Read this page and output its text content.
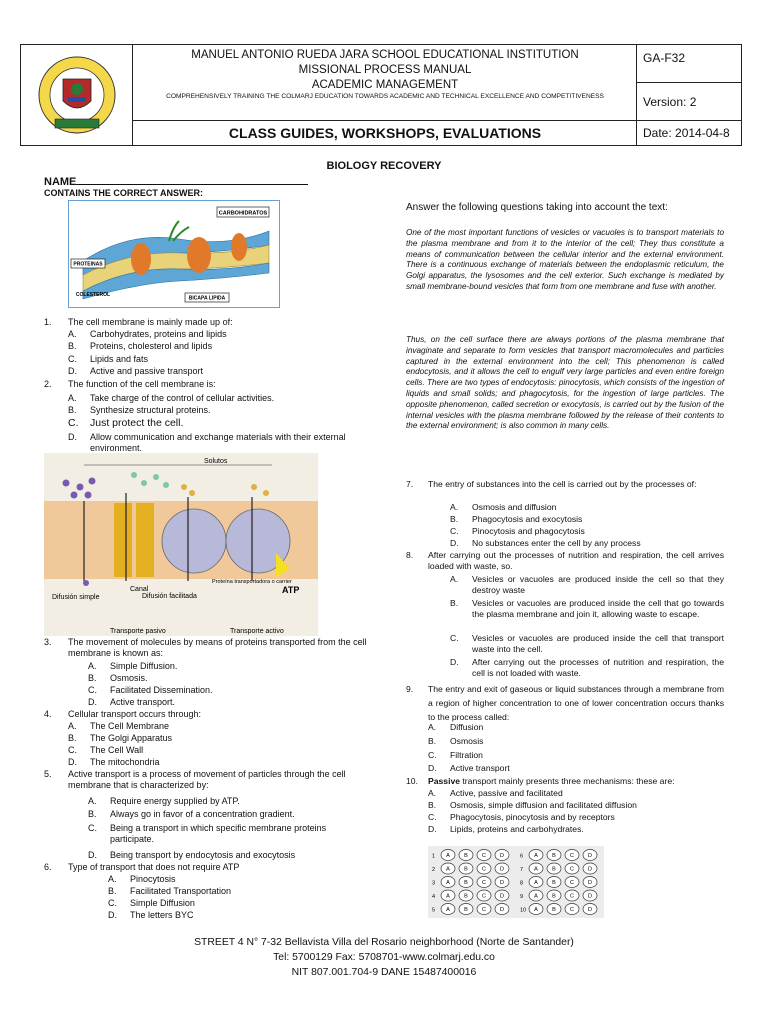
MANUEL ANTONIO RUEDA JARA SCHOOL EDUCATIONAL INSTITUTION
MISSIONAL PROCESS MANUAL
ACADEMIC MANAGEMENT
COMPREHENSIVELY TRAINING THE COLMARJ EDUCATION TOWARDS ACADEMIC AND TECHNICAL EXCELLENCE AND COMPETITIVENESS
CLASS GUIDES, WORKSHOPS, EVALUATIONS
GA-F32
Version: 2
Date: 2014-04-8
BIOLOGY RECOVERY
NAME
CONTAINS THE CORRECT ANSWER:
CARBOHIDRATOS
PROTEINAS
COLESTEROL
BICAPA LIPIDA
1. The cell membrane is mainly made up of:
A. Carbohydrates, proteins and lipids
B. Proteins, cholesterol and lipids
C. Lipids and fats
D. Active and passive transport
2. The function of the cell membrane is:
A. Take charge of the control of cellular activities.
B. Synthesize structural proteins.
C. Just protect the cell.
D. Allow communication and exchange materials with their external environment.
Solutos
Canal
Proteína transportadora o carrier
ATP
Difusión simple	Difusión facilitada
Transporte pasivo	Transporte activo
3. The movement of molecules by means of proteins transported from the cell membrane is known as:
A. Simple Diffusion.
B. Osmosis.
C. Facilitated Dissemination.
D. Active transport.
4. Cellular transport occurs through:
A. The Cell Membrane
B. The Golgi Apparatus
C. The Cell Wall
D. The mitochondria
5. Active transport is a process of movement of particles through the cell membrane that is characterized by:
A. Require energy supplied by ATP.
B. Always go in favor of a concentration gradient.
C. Being a transport in which specific membrane proteins participate.
D. Being transport by endocytosis and exocytosis
6. Type of transport that does not require ATP
A. Pinocytosis
B. Facilitated Transportation
C. Simple Diffusion
D. The letters BYC
Answer the following questions taking into account the text:
One of the most important functions of vesicles or vacuoles is to transport materials to the plasma membrane and from it to the interior of the cell; They thus constitute a means of communication between the cellular interior and the external environment. There is a continuous exchange of materials between the endoplasmic reticulum, the Golgi apparatus, the lysosomes and the cell exterior. Such exchange is mediated by small membrane-bound vesicles that form from one membrane and fuse with another.
Thus, on the cell surface there are always portions of the plasma membrane that invaginate and separate to form vesicles that transport macromolecules and particles captured in the external environment into the cell; This phenomenon is called endocytosis, and it allows the cell to engulf very large particles and even entire foreign cells. There are two types of endocytosis: pinocytosis, which consists of the ingestion of liquids and small solids; and phagocytosis, for the ingestion of large particles. The opposite phenomenon, called secretion or exocytosis, is carried out by the fusion of the internal vesicles with the plasma membrane followed by the release of their contents to the external environment; is also common in many cells.
7. The entry of substances into the cell is carried out by the processes of:
A. Osmosis and diffusion
B. Phagocytosis and exocytosis
C. Pinocytosis and phagocytosis
D. No substances enter the cell by any process
8. After carrying out the processes of nutrition and respiration, the cell arrives loaded with waste, so.
A. Vesicles or vacuoles are produced inside the cell so that they destroy waste
B. Vesicles or vacuoles are produced inside the cell that go towards the plasma membrane and join it, allowing waste to escape.
C. Vesicles or vacuoles are produced inside the cell that transport waste into the cell.
D. After carrying out the processes of nutrition and respiration, the cell is not loaded with waste.
9. The entry and exit of gaseous or liquid substances through a membrane from a region of higher concentration to one of lower concentration occurs thanks to the process called:
A. Diffusion
B. Osmosis
C. Filtration
D. Active transport
10. Passive transport mainly presents three mechanisms: these are:
A. Active, passive and facilitated
B. Osmosis, simple diffusion and facilitated diffusion
C. Phagocytosis, pinocytosis and by receptors
D. Lipids, proteins and carbohydrates.
1 A	B	C	D
2 A	B	C	D
3 A	B	C	D
4 A	B	C	D
5 A	B	C	D
6 A	B	C	D
7 A	B	C	D
8 A	B	C	D
9 A	B	C	D
10 A	B	C	D
STREET 4 N° 7-32 Bellavista Villa del Rosario neighborhood (Norte de Santander)
Tel: 5700129 Fax: 5708701-www.colmarj.edu.co
NIT 807.001.704-9 DANE 15487400016
